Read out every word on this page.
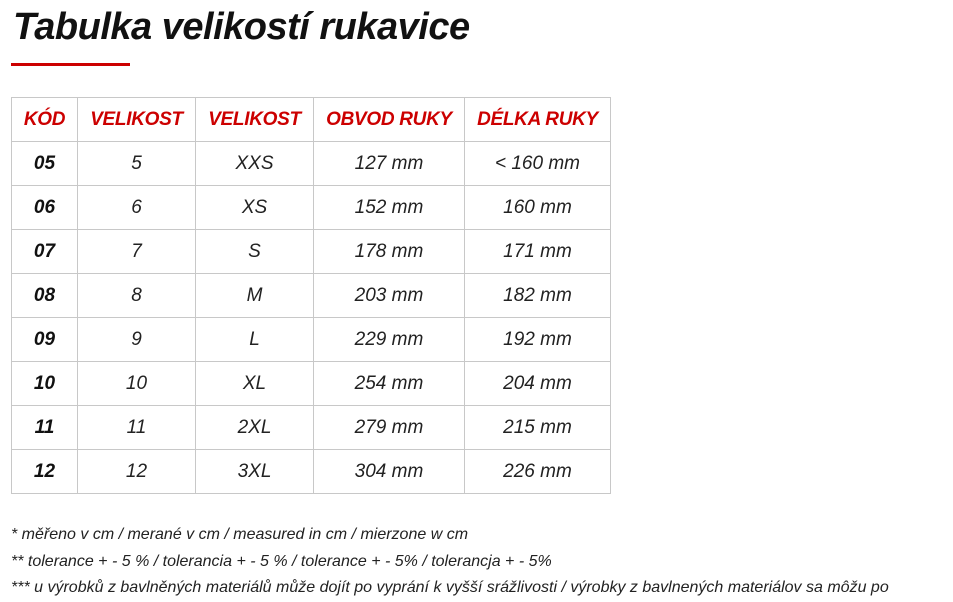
Tabulka velikostí rukavice
KÓD	VELIKOST	VELIKOST	OBVOD RUKY	DÉLKA RUKY
05	5	XXS	127 mm	< 160 mm
06	6	XS	152 mm	160 mm
07	7	S	178 mm	171 mm
08	8	M	203 mm	182 mm
09	9	L	229 mm	192 mm
10	10	XL	254 mm	204 mm
11	11	2XL	279 mm	215 mm
12	12	3XL	304 mm	226 mm

* měřeno v cm / merané v cm / measured in cm / mierzone w cm

** tolerance + - 5 % / tolerancia + - 5 % / tolerance + - 5% / tolerancja + - 5%

*** u výrobků z bavlněných materiálů může dojít po vyprání k vyšší srážlivosti / výrobky z bavlnených materiálov sa môžu po
